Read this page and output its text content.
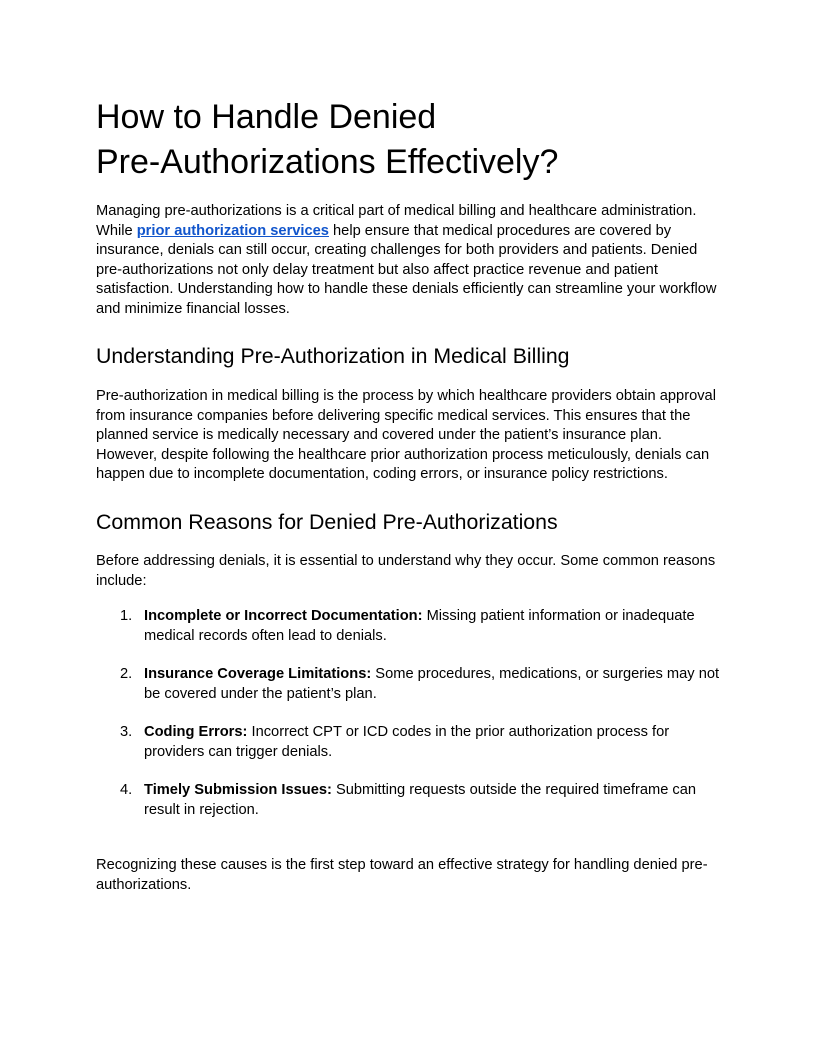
How to Handle Denied
Pre-Authorizations Effectively?

Managing pre-authorizations is a critical part of medical billing and healthcare administration. While prior authorization services help ensure that medical procedures are covered by insurance, denials can still occur, creating challenges for both providers and patients. Denied pre-authorizations not only delay treatment but also affect practice revenue and patient satisfaction. Understanding how to handle these denials efficiently can streamline your workflow and minimize financial losses.

Understanding Pre-Authorization in Medical Billing

Pre-authorization in medical billing is the process by which healthcare providers obtain approval from insurance companies before delivering specific medical services. This ensures that the planned service is medically necessary and covered under the patient’s insurance plan. However, despite following the healthcare prior authorization process meticulously, denials can happen due to incomplete documentation, coding errors, or insurance policy restrictions.

Common Reasons for Denied Pre-Authorizations

Before addressing denials, it is essential to understand why they occur. Some common reasons include:

1. Incomplete or Incorrect Documentation: Missing patient information or inadequate medical records often lead to denials.
2. Insurance Coverage Limitations: Some procedures, medications, or surgeries may not be covered under the patient’s plan.
3. Coding Errors: Incorrect CPT or ICD codes in the prior authorization process for providers can trigger denials.
4. Timely Submission Issues: Submitting requests outside the required timeframe can result in rejection.

Recognizing these causes is the first step toward an effective strategy for handling denied pre-authorizations.
